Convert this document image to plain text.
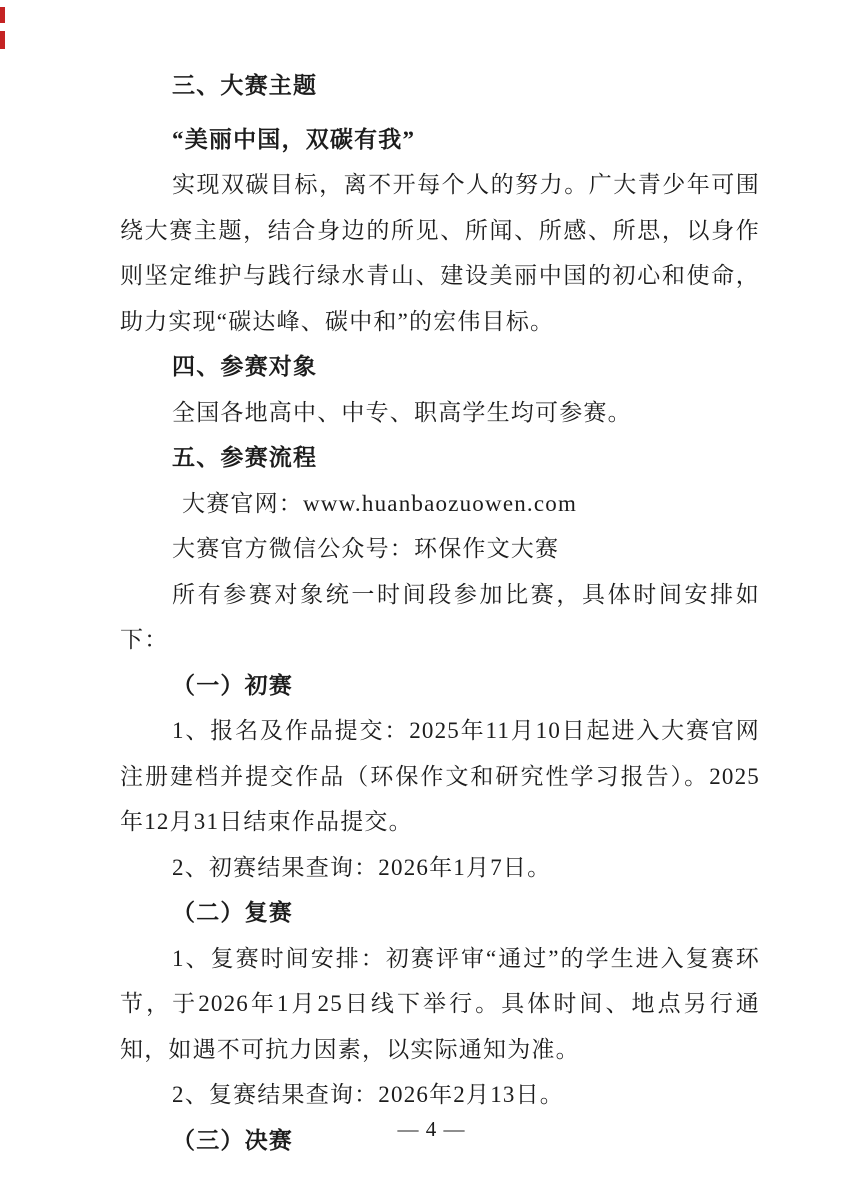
三、大赛主题
“美丽中国，双碳有我”
实现双碳目标，离不开每个人的努力。广大青少年可围绕大赛主题，结合身边的所见、所闻、所感、所思，以身作则坚定维护与践行绿水青山、建设美丽中国的初心和使命，助力实现“碳达峰、碳中和”的宏伟目标。
四、参赛对象
全国各地高中、中专、职高学生均可参赛。
五、参赛流程
大赛官网：www.huanbaozuowen.com
大赛官方微信公众号：环保作文大赛
所有参赛对象统一时间段参加比赛，具体时间安排如下：
（一）初赛
1、报名及作品提交：2025年11月10日起进入大赛官网注册建档并提交作品（环保作文和研究性学习报告）。2025年12月31日结束作品提交。
2、初赛结果查询：2026年1月7日。
（二）复赛
1、复赛时间安排：初赛评审“通过”的学生进入复赛环节，于2026年1月25日线下举行。具体时间、地点另行通知，如遇不可抗力因素，以实际通知为准。
2、复赛结果查询：2026年2月13日。
（三）决赛	— 4 —
